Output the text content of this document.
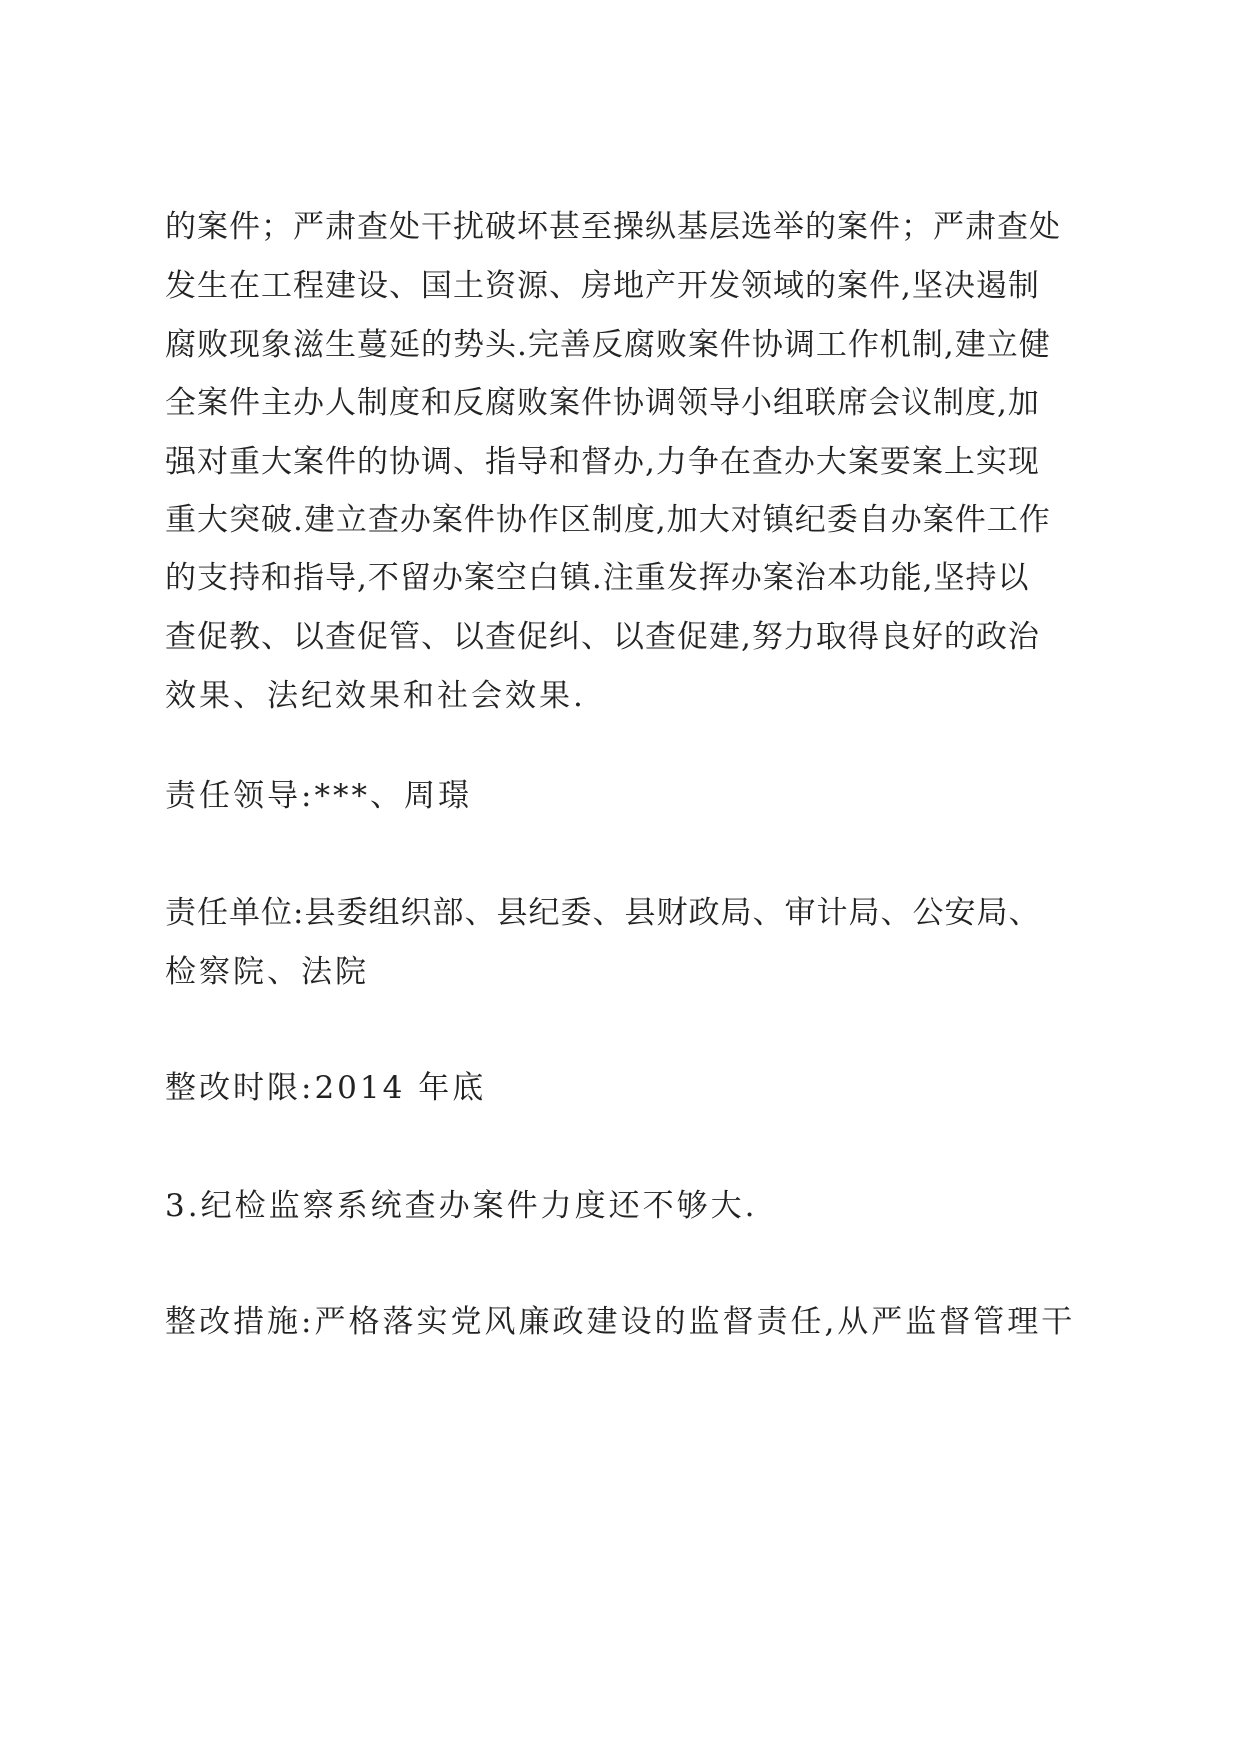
的案件；严肃查处干扰破坏甚至操纵基层选举的案件；严肃查处
发生在工程建设、国土资源、房地产开发领域的案件,坚决遏制
腐败现象滋生蔓延的势头.完善反腐败案件协调工作机制,建立健
全案件主办人制度和反腐败案件协调领导小组联席会议制度,加
强对重大案件的协调、指导和督办,力争在查办大案要案上实现
重大突破.建立查办案件协作区制度,加大对镇纪委自办案件工作
的支持和指导,不留办案空白镇.注重发挥办案治本功能,坚持以
查促教、以查促管、以查促纠、以查促建,努力取得良好的政治
效果、法纪效果和社会效果.
责任领导:***、周璟
责任单位:县委组织部、县纪委、县财政局、审计局、公安局、
检察院、法院
整改时限:2014 年底
3.纪检监察系统查办案件力度还不够大.
整改措施:严格落实党风廉政建设的监督责任,从严监督管理干
